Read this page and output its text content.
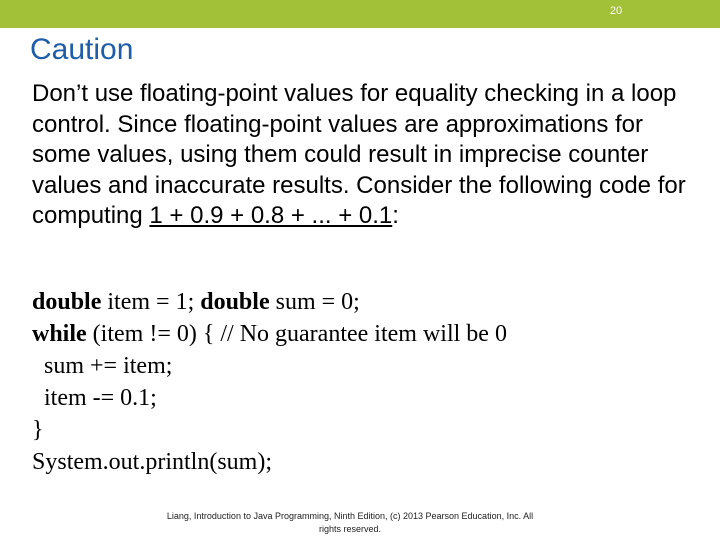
20
Caution

Don’t use floating-point values for equality checking in a loop control. Since floating-point values are approximations for some values, using them could result in imprecise counter values and inaccurate results. Consider the following code for computing 1 + 0.9 + 0.8 + ... + 0.1:

double item = 1; double sum = 0;
while (item != 0) { // No guarantee item will be 0
sum += item;
item -= 0.1;
}
System.out.println(sum);
Liang, Introduction to Java Programming, Ninth Edition, (c) 2013 Pearson Education, Inc. All
rights reserved.
